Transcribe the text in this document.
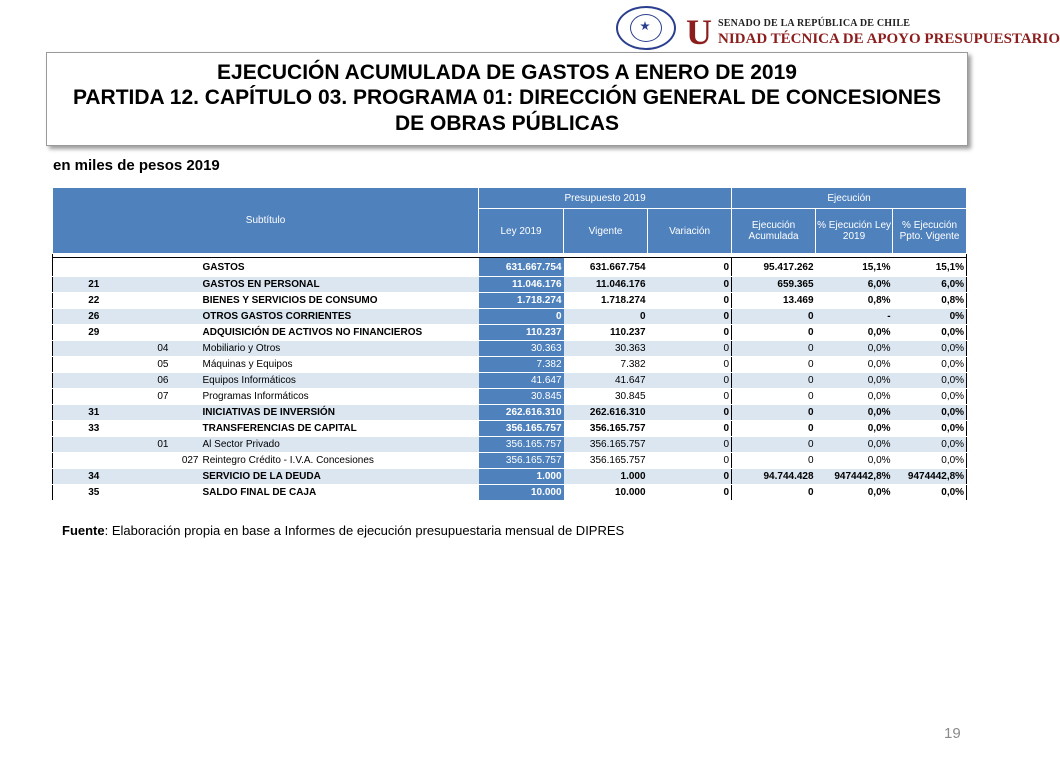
U SENADO DE LA REPÚBLICA DE CHILE
NIDAD TÉCNICA DE APOYO PRESUPUESTARIO
EJECUCIÓN ACUMULADA DE GASTOS A ENERO DE 2019
PARTIDA 12. CAPÍTULO 03. PROGRAMA 01: DIRECCIÓN GENERAL DE CONCESIONES DE OBRAS PÚBLICAS
en miles de pesos 2019
Subtítulo				Presupuesto 2019			Ejecución		
				Ley 2019	Vigente	Variación	Ejecución Acumulada	% Ejecución Ley 2019	% Ejecución Ppto. Vigente

			GASTOS	631.667.754	631.667.754	0	95.417.262	15,1%	15,1%
21			GASTOS EN PERSONAL	11.046.176	11.046.176	0	659.365	6,0%	6,0%
22			BIENES Y SERVICIOS DE CONSUMO	1.718.274	1.718.274	0	13.469	0,8%	0,8%
26			OTROS GASTOS CORRIENTES	0	0	0	0	-	0%
29			ADQUISICIÓN DE ACTIVOS NO FINANCIEROS	110.237	110.237	0	0	0,0%	0,0%
	04		Mobiliario y Otros	30.363	30.363	0	0	0,0%	0,0%
	05		Máquinas y Equipos	7.382	7.382	0	0	0,0%	0,0%
	06		Equipos Informáticos	41.647	41.647	0	0	0,0%	0,0%
	07		Programas Informáticos	30.845	30.845	0	0	0,0%	0,0%
31			INICIATIVAS DE INVERSIÓN	262.616.310	262.616.310	0	0	0,0%	0,0%
33			TRANSFERENCIAS DE CAPITAL	356.165.757	356.165.757	0	0	0,0%	0,0%
	01		Al Sector Privado	356.165.757	356.165.757	0	0	0,0%	0,0%
		027	Reintegro Crédito - I.V.A. Concesiones	356.165.757	356.165.757	0	0	0,0%	0,0%
34			SERVICIO DE LA DEUDA	1.000	1.000	0	94.744.428	9474442,8%	9474442,8%
35			SALDO FINAL DE CAJA	10.000	10.000	0	0	0,0%	0,0%
Fuente: Elaboración propia en base a Informes de ejecución presupuestaria mensual de DIPRES
19
